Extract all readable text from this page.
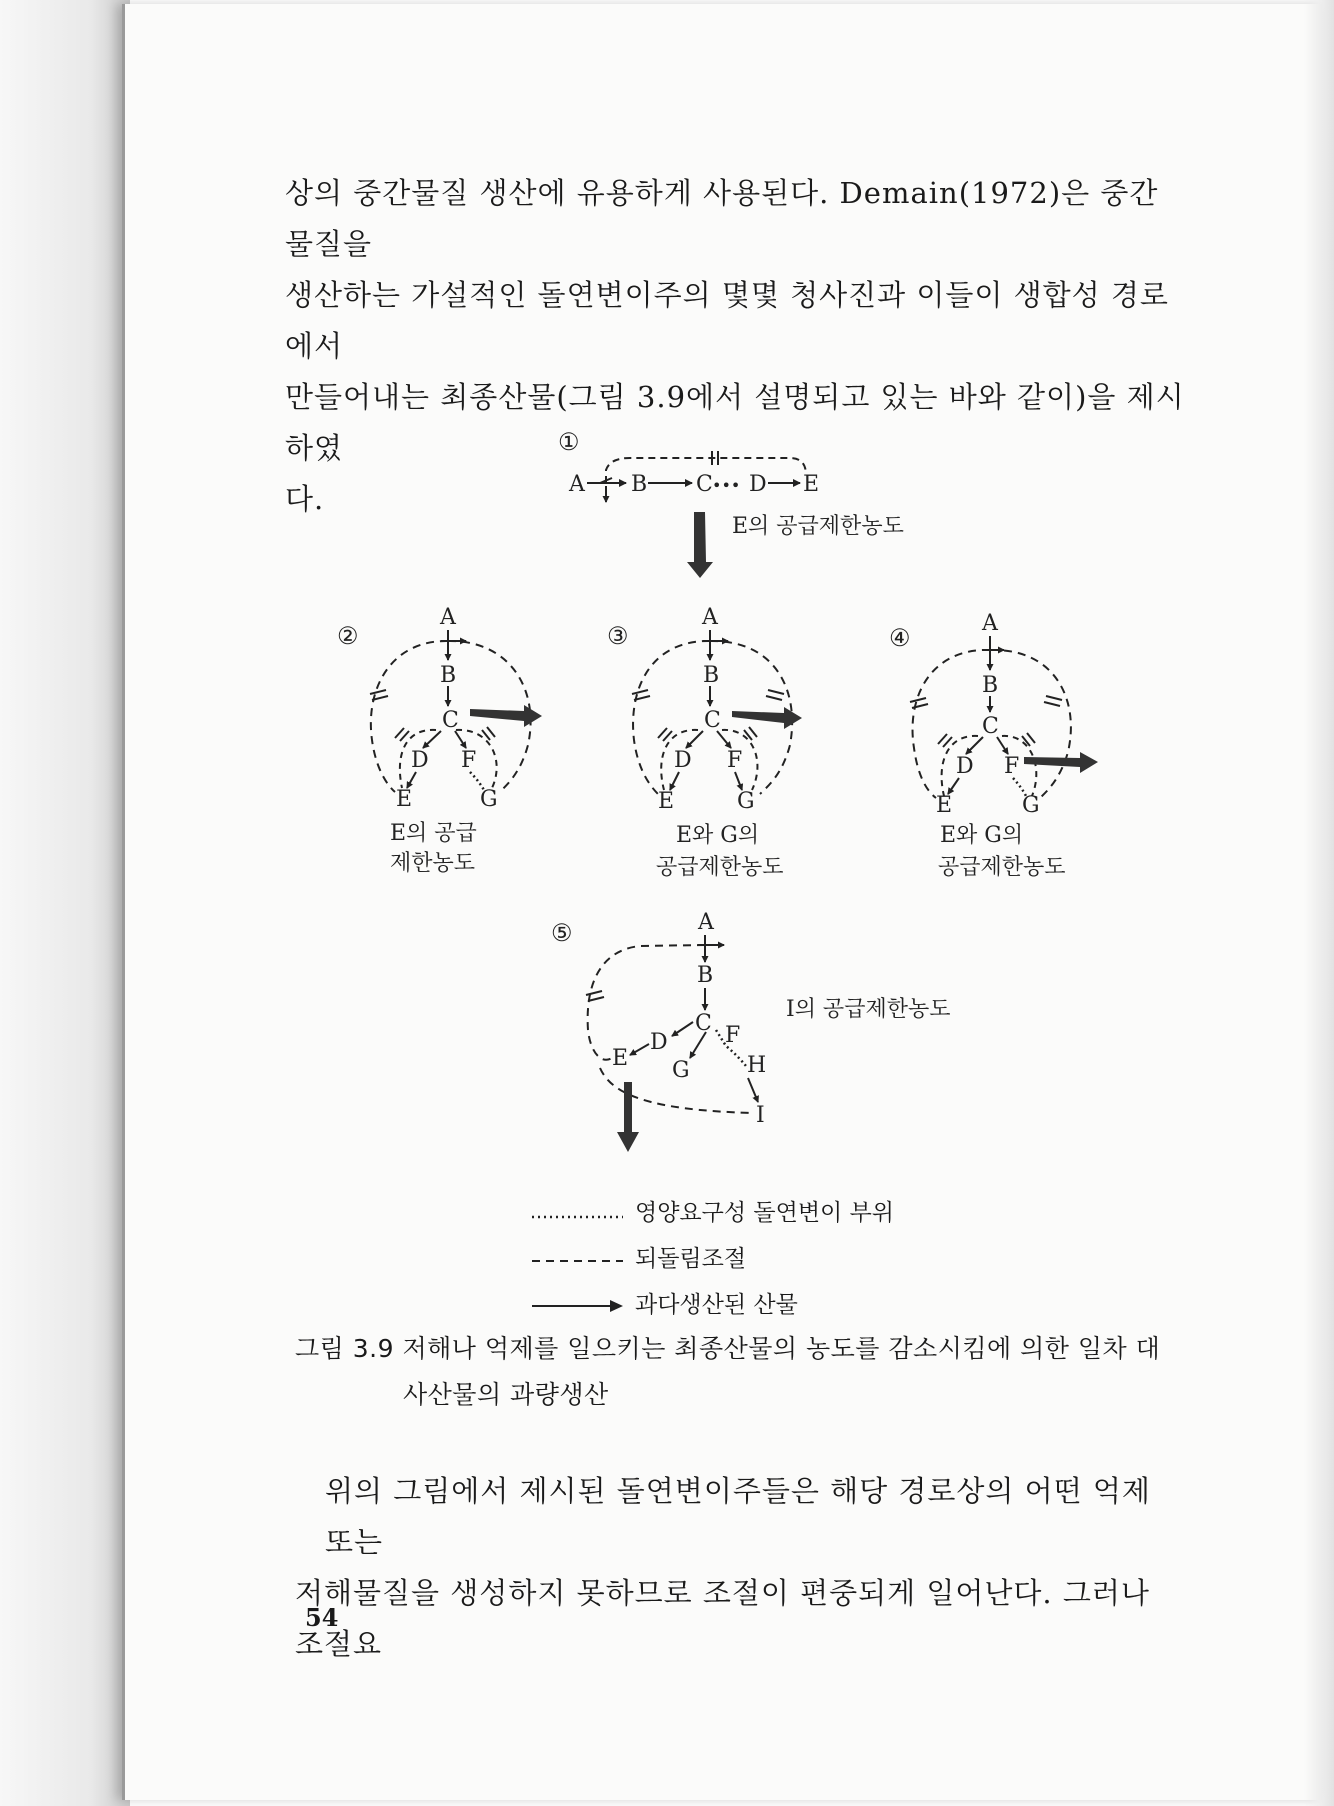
상의 중간물질 생산에 유용하게 사용된다. Demain(1972)은 중간물질을

생산하는 가설적인 돌연변이주의 몇몇 청사진과 이들이 생합성 경로에서

만들어내는 최종산물(그림 3.9에서 설명되고 있는 바와 같이)을 제시하였

다.

①
A B C ••• D E
E의 공급제한농도
②
A
B
C
D F
E	G
E의 공급
제한농도
③
A
B
C
D F
E	G
E와 G의
공급제한농도
④
A
B
C
D F
E	G
E와 G의
공급제한농도
⑤	A
B
C
D
E
F
G	H
I
I의 공급제한농도
영양요구성 돌연변이 부위
되돌림조절
과다생산된 산물
그림 3.9 저해나 억제를 일으키는 최종산물의 농도를 감소시킴에 의한 일차 대
사산물의 과량생산

위의 그림에서 제시된 돌연변이주들은 해당 경로상의 어떤 억제 또는

저해물질을 생성하지 못하므로 조절이 편중되게 일어난다. 그러나 조절요

54
